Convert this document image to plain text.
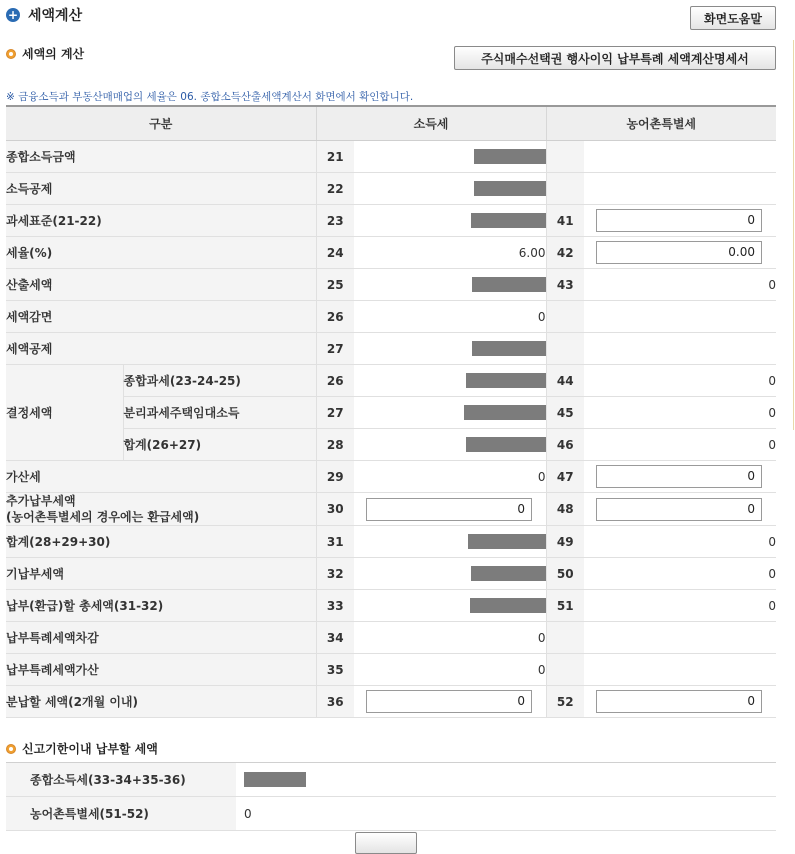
+ 세액계산	화면도움말
세액의 계산	주식매수선택권 행사이익 납부특례 세액계산명세서
※ 금융소득과 부동산매매업의 세율은 06. 종합소득산출세액계산서 화면에서 확인합니다.
구분		소득세		농어촌특별세	
종합소득금액		21			
소득공제		22			
과세표준(21-22)		23		41	0
세율(%)		24	6.00	42	0.00
산출세액		25		43	0
세액감면		26	0		
세액공제		27			
결정세액	종합과세(23-24-25)	26		44	0
	분리과세주택임대소득	27		45	0
	합계(26+27)	28		46	0
가산세		29	0	47	0

추가납부세액
(농어촌특별세의 경우에는 환급세액)		30	0	48	0
합계(28+29+30)		31		49	0
기납부세액		32		50	0
납부(환급)할 총세액(31-32)		33		51	0
납부특례세액차감		34	0		
납부특례세액가산		35	0		
분납할 세액(2개월 이내)		36	0	52	0
신고기한이내 납부할 세액
종합소득세(33-34+35-36)	
농어촌특별세(51-52)	0
